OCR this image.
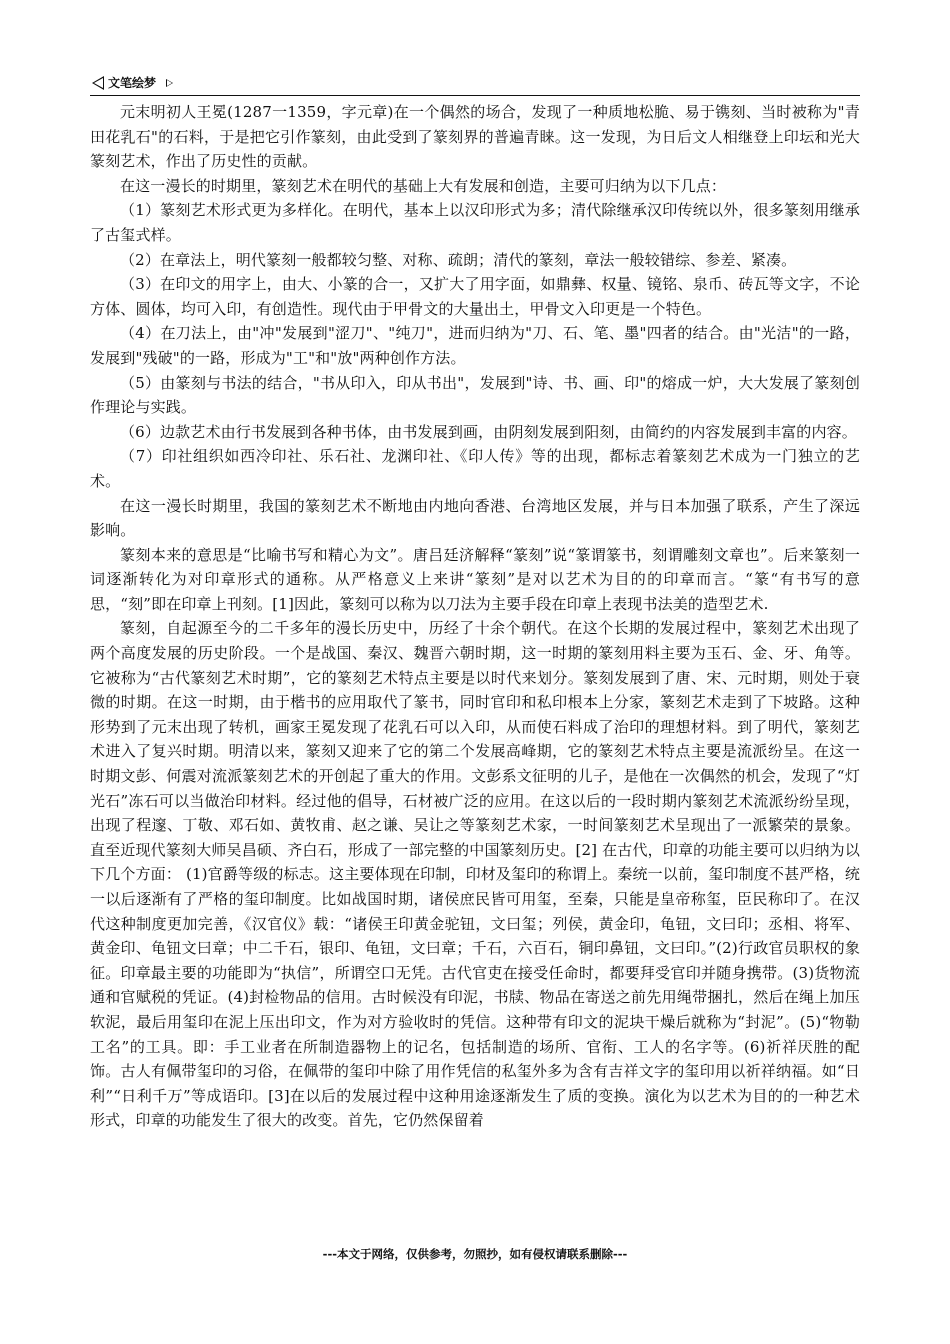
文笔绘梦

元末明初人王冕(1287一1359，字元章)在一个偶然的场合，发现了一种质地松脆、易于镌刻、当时被称为"青田花乳石"的石料，于是把它引作篆刻，由此受到了篆刻界的普遍青睐。这一发现，为日后文人相继登上印坛和光大篆刻艺术，作出了历史性的贡献。

在这一漫长的时期里，篆刻艺术在明代的基础上大有发展和创造，主要可归纳为以下几点：

（1）篆刻艺术形式更为多样化。在明代，基本上以汉印形式为多；清代除继承汉印传统以外，很多篆刻用继承了古玺式样。

（2）在章法上，明代篆刻一般都较匀整、对称、疏朗；清代的篆刻，章法一般较错综、参差、紧凑。

（3）在印文的用字上，由大、小篆的合一，又扩大了用字面，如鼎彝、权量、镜铭、泉币、砖瓦等文字，不论方体、圆体，均可入印，有创造性。现代由于甲骨文的大量出土，甲骨文入印更是一个特色。

（4）在刀法上，由"冲"发展到"涩刀"、"纯刀"，进而归纳为"刀、石、笔、墨"四者的结合。由"光洁"的一路，发展到"残破"的一路，形成为"工"和"放"两种创作方法。

（5）由篆刻与书法的结合，"书从印入，印从书出"，发展到"诗、书、画、印"的熔成一炉，大大发展了篆刻创作理论与实践。

（6）边款艺术由行书发展到各种书体，由书发展到画，由阴刻发展到阳刻，由简约的内容发展到丰富的内容。

（7）印社组织如西冷印社、乐石社、龙渊印社、《印人传》等的出现，都标志着篆刻艺术成为一门独立的艺术。

在这一漫长时期里，我国的篆刻艺术不断地由内地向香港、台湾地区发展，并与日本加强了联系，产生了深远影响。

篆刻本来的意思是“比喻书写和精心为文”。唐吕廷济解释“篆刻”说“篆谓篆书，刻谓雕刻文章也”。后来篆刻一词逐渐转化为对印章形式的通称。从严格意义上来讲“篆刻”是对以艺术为目的的印章而言。“篆“有书写的意思，“刻”即在印章上刊刻。[1]因此，篆刻可以称为以刀法为主要手段在印章上表现书法美的造型艺术.

篆刻，自起源至今的二千多年的漫长历史中，历经了十余个朝代。在这个长期的发展过程中，篆刻艺术出现了两个高度发展的历史阶段。一个是战国、秦汉、魏晋六朝时期，这一时期的篆刻用料主要为玉石、金、牙、角等。它被称为“古代篆刻艺术时期”，它的篆刻艺术特点主要是以时代来划分。篆刻发展到了唐、宋、元时期，则处于衰微的时期。在这一时期，由于楷书的应用取代了篆书，同时官印和私印根本上分家，篆刻艺术走到了下坡路。这种形势到了元末出现了转机，画家王冕发现了花乳石可以入印，从而使石料成了治印的理想材料。到了明代，篆刻艺术进入了复兴时期。明清以来，篆刻又迎来了它的第二个发展高峰期，它的篆刻艺术特点主要是流派纷呈。在这一时期文彭、何震对流派篆刻艺术的开创起了重大的作用。文彭系文征明的儿子，是他在一次偶然的机会，发现了“灯光石”冻石可以当做治印材料。经过他的倡导，石材被广泛的应用。在这以后的一段时期内篆刻艺术流派纷纷呈现，出现了程邃、丁敬、邓石如、黄牧甫、赵之谦、吴让之等篆刻艺术家，一时间篆刻艺术呈现出了一派繁荣的景象。直至近现代篆刻大师吴昌硕、齐白石，形成了一部完整的中国篆刻历史。[2] 在古代，印章的功能主要可以归纳为以下几个方面： (1)官爵等级的标志。这主要体现在印制，印材及玺印的称谓上。秦统一以前，玺印制度不甚严格，统一以后逐渐有了严格的玺印制度。比如战国时期，诸侯庶民皆可用玺，至秦，只能是皇帝称玺，臣民称印了。在汉代这种制度更加完善，《汉官仪》载：“诸侯王印黄金驼钮，文曰玺；列侯，黄金印，龟钮，文曰印；丞相、将军、黄金印、龟钮文曰章；中二千石，银印、龟钮，文曰章；千石，六百石，铜印鼻钮，文曰印。”(2)行政官员职权的象征。印章最主要的功能即为“执信”，所谓空口无凭。古代官吏在接受任命时，都要拜受官印并随身携带。(3)货物流通和官赋税的凭证。(4)封检物品的信用。古时候没有印泥，书牍、物品在寄送之前先用绳带捆扎，然后在绳上加压软泥，最后用玺印在泥上压出印文，作为对方验收时的凭信。这种带有印文的泥块干燥后就称为“封泥”。(5)“物勒工名”的工具。即：手工业者在所制造器物上的记名，包括制造的场所、官衔、工人的名字等。(6)祈祥厌胜的配饰。古人有佩带玺印的习俗，在佩带的玺印中除了用作凭信的私玺外多为含有吉祥文字的玺印用以祈祥纳福。如“日利”“日利千万”等成语印。[3]在以后的发展过程中这种用途逐渐发生了质的变换。演化为以艺术为目的的一种艺术形式，印章的功能发生了很大的改变。首先，它仍然保留着

---本文于网络，仅供参考，勿照抄，如有侵权请联系删除---
